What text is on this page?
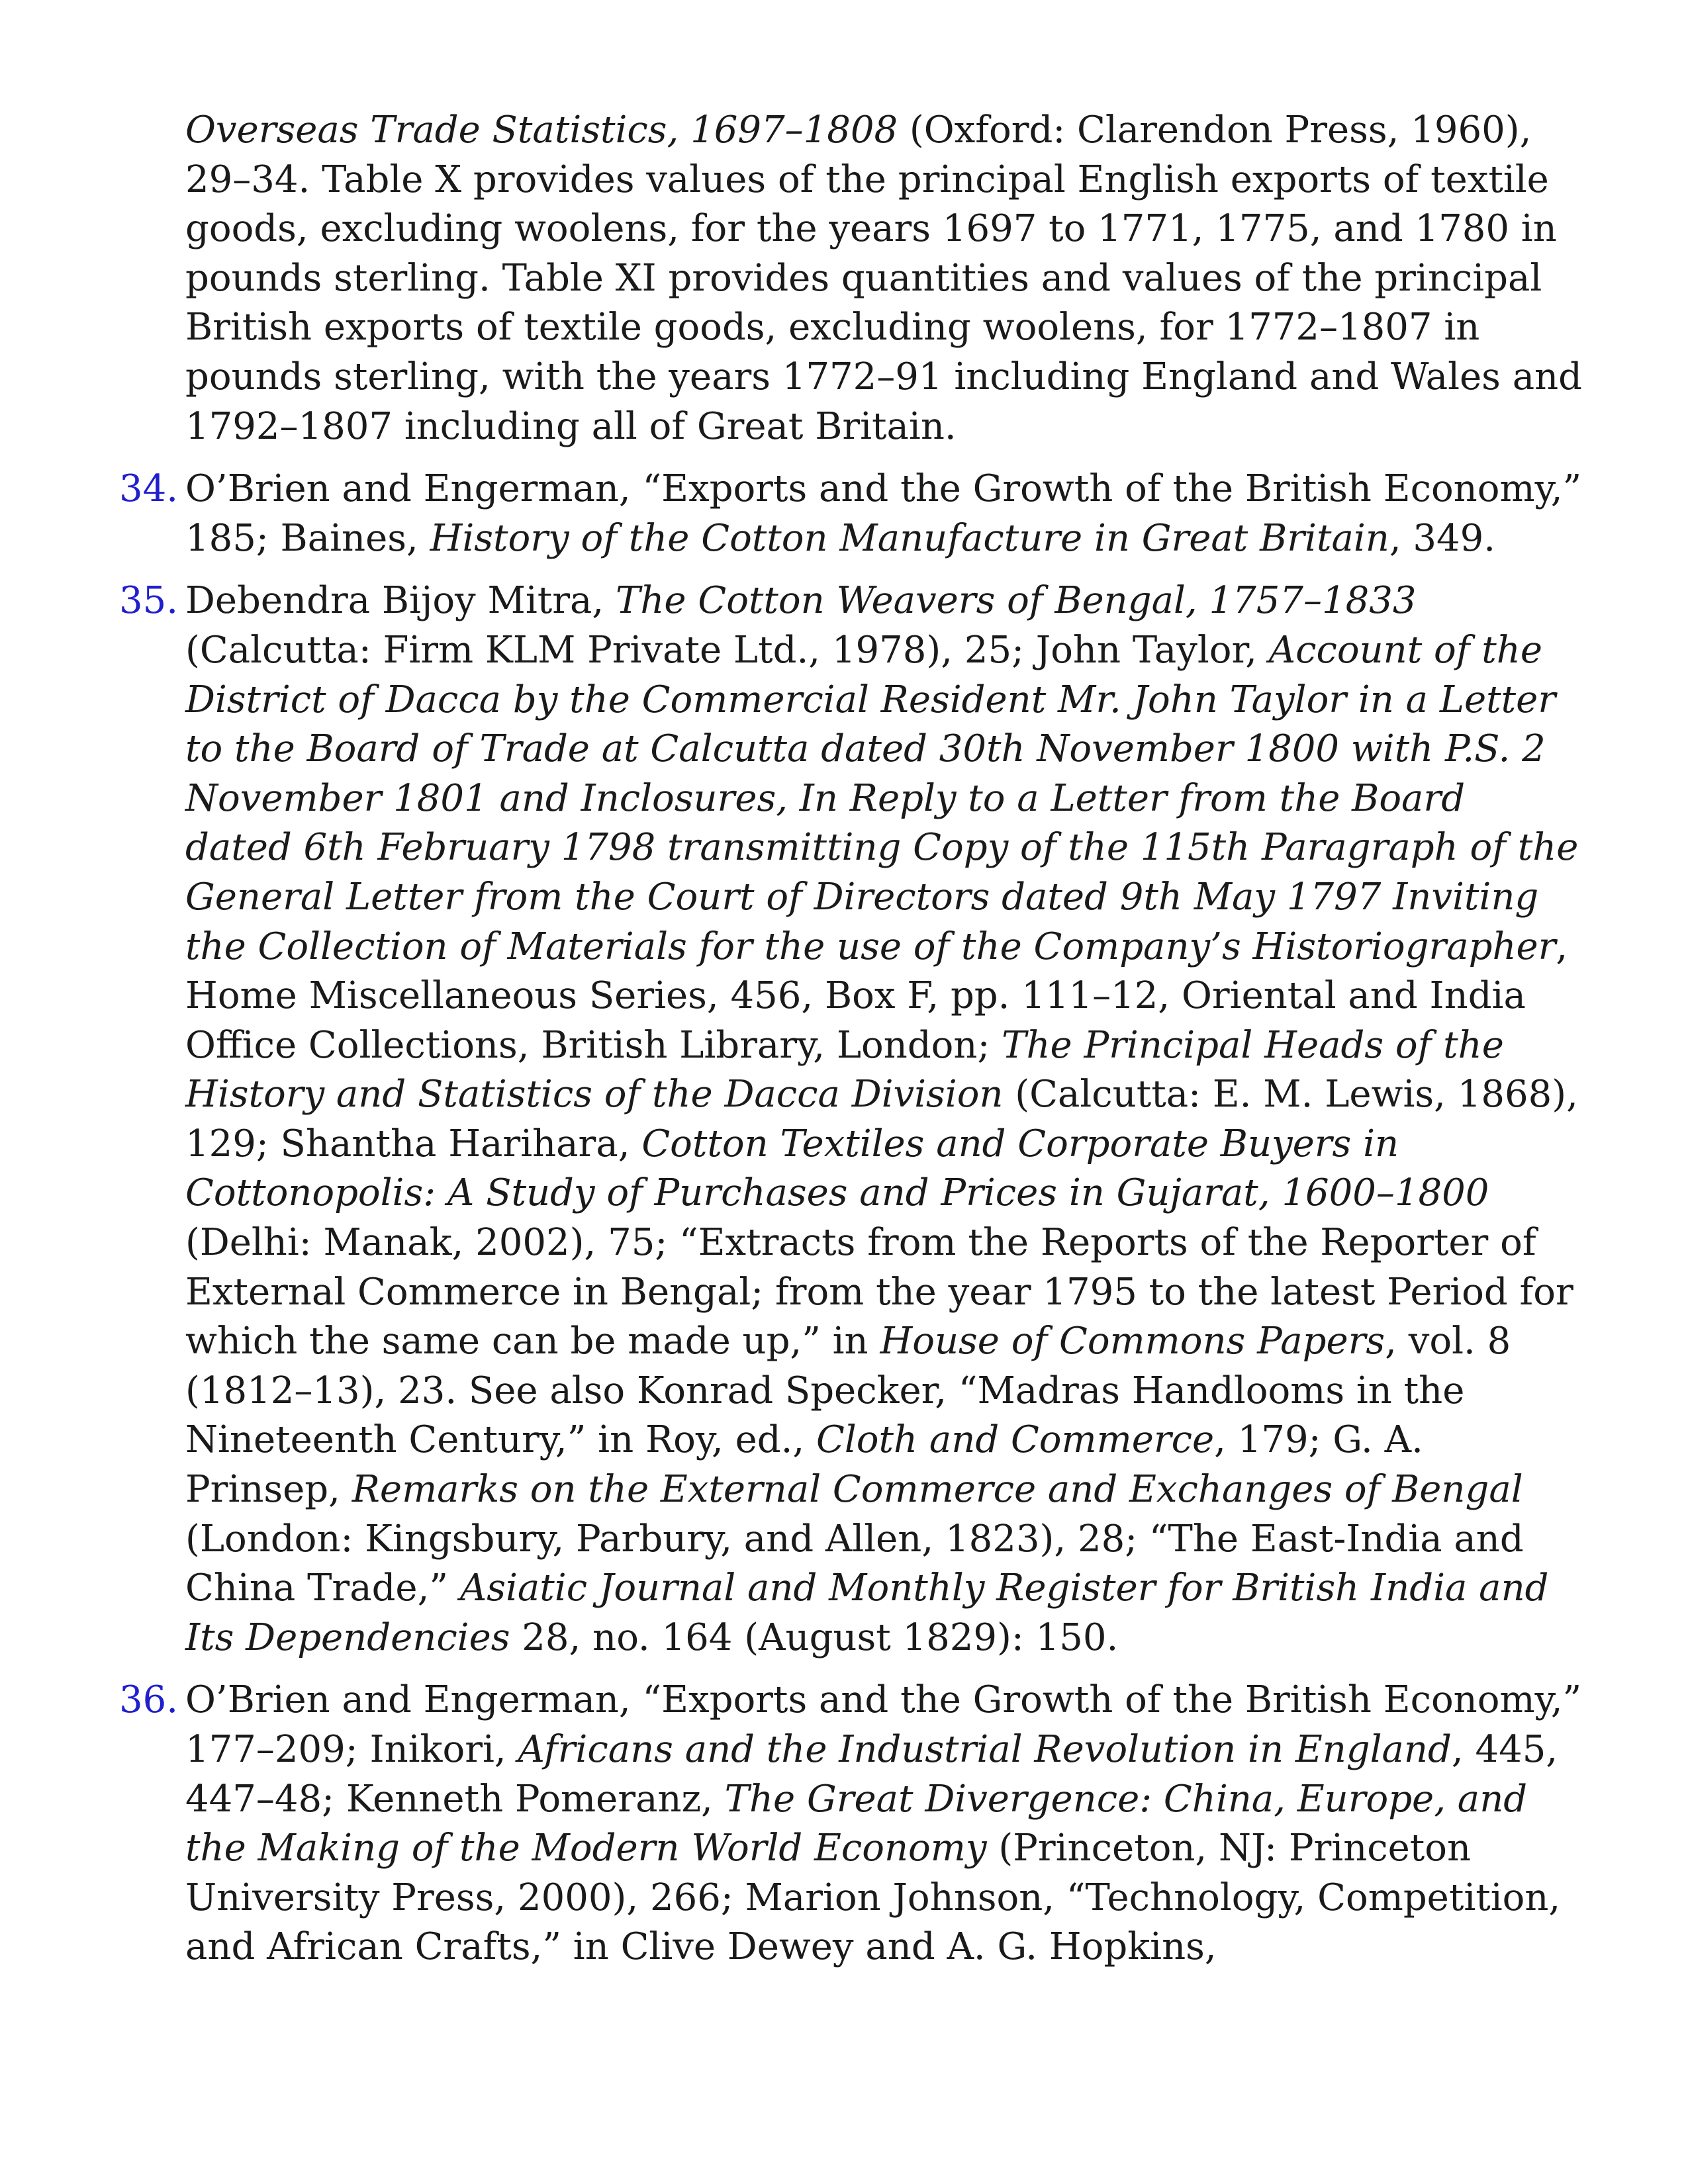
Overseas Trade Statistics, 1697–1808 (Oxford: Clarendon Press, 1960), 29–34. Table X provides values of the principal English exports of textile goods, excluding woolens, for the years 1697 to 1771, 1775, and 1780 in pounds sterling. Table XI provides quantities and values of the principal British exports of textile goods, excluding woolens, for 1772–1807 in pounds sterling, with the years 1772–91 including England and Wales and 1792–1807 including all of Great Britain.
34. O’Brien and Engerman, “Exports and the Growth of the British Economy,” 185; Baines, History of the Cotton Manufacture in Great Britain, 349.
35. Debendra Bijoy Mitra, The Cotton Weavers of Bengal, 1757–1833 (Calcutta: Firm KLM Private Ltd., 1978), 25; John Taylor, Account of the District of Dacca by the Commercial Resident Mr. John Taylor in a Letter to the Board of Trade at Calcutta dated 30th November 1800 with P.S. 2 November 1801 and Inclosures, In Reply to a Letter from the Board dated 6th February 1798 transmitting Copy of the 115th Paragraph of the General Letter from the Court of Directors dated 9th May 1797 Inviting the Collection of Materials for the use of the Company’s Historiographer, Home Miscellaneous Series, 456, Box F, pp. 111–12, Oriental and India Office Collections, British Library, London; The Principal Heads of the History and Statistics of the Dacca Division (Calcutta: E. M. Lewis, 1868), 129; Shantha Harihara, Cotton Textiles and Corporate Buyers in Cottonopolis: A Study of Purchases and Prices in Gujarat, 1600–1800 (Delhi: Manak, 2002), 75; “Extracts from the Reports of the Reporter of External Commerce in Bengal; from the year 1795 to the latest Period for which the same can be made up,” in House of Commons Papers, vol. 8 (1812–13), 23. See also Konrad Specker, “Madras Handlooms in the Nineteenth Century,” in Roy, ed., Cloth and Commerce, 179; G. A. Prinsep, Remarks on the External Commerce and Exchanges of Bengal (London: Kingsbury, Parbury, and Allen, 1823), 28; “The East-India and China Trade,” Asiatic Journal and Monthly Register for British India and Its Dependencies 28, no. 164 (August 1829): 150.
36. O’Brien and Engerman, “Exports and the Growth of the British Economy,” 177–209; Inikori, Africans and the Industrial Revolution in England, 445, 447–48; Kenneth Pomeranz, The Great Divergence: China, Europe, and the Making of the Modern World Economy (Princeton, NJ: Princeton University Press, 2000), 266; Marion Johnson, “Technology, Competition, and African Crafts,” in Clive Dewey and A. G. Hopkins,
